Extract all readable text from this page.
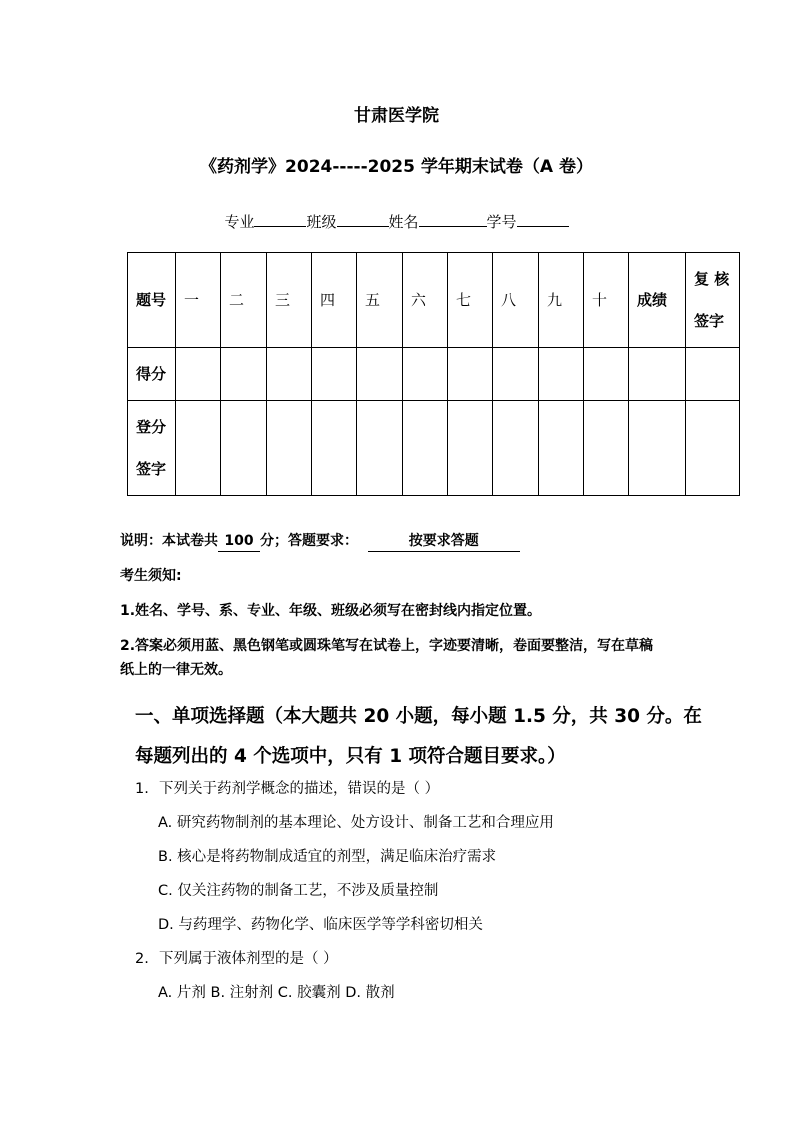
甘肃医学院
《药剂学》2024-----2025 学年期末试卷（A 卷）
专业	班级	姓名	学号
题号	一	二	三	四	五	六	七	八	九	十	成绩	复 核
签字

得分												

登分
签字												

说明：本试卷共 100 分；答题要求：	按要求答题
考生须知:
1.姓名、学号、系、专业、年级、班级必须写在密封线内指定位置。
2.答案必须用蓝、黑色钢笔或圆珠笔写在试卷上，字迹要清晰，卷面要整洁，写在草稿
纸上的一律无效。
一、单项选择题（本大题共 20 小题，每小题 1.5 分，共 30 分。在
每题列出的 4 个选项中，只有 1 项符合题目要求。）
1. 下列关于药剂学概念的描述，错误的是（ ）
A. 研究药物制剂的基本理论、处方设计、制备工艺和合理应用
B. 核心是将药物制成适宜的剂型，满足临床治疗需求
C. 仅关注药物的制备工艺，不涉及质量控制
D. 与药理学、药物化学、临床医学等学科密切相关
2. 下列属于液体剂型的是（ ）
A. 片剂 B. 注射剂 C. 胶囊剂 D. 散剂
